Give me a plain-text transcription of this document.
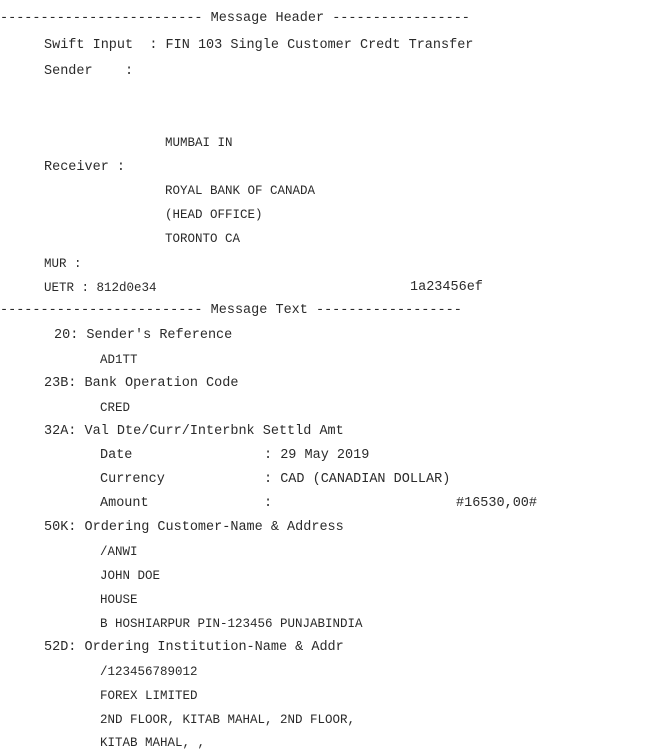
------------------------- Message Header -----------------
Swift Input : FIN 103 Single Customer Credt Transfer
Sender :
MUMBAI IN
Receiver :
ROYAL BANK OF CANADA
(HEAD OFFICE)
TORONTO CA
MUR :
UETR : 812d0e34	1a23456ef
------------------------- Message Text ------------------
20: Sender's Reference
AD1TT
23B: Bank Operation Code
CRED
32A: Val Dte/Curr/Interbnk Settld Amt
Date	: 29 May 2019
Currency	: CAD (CANADIAN DOLLAR)
Amount	:	#16530,00#
50K: Ordering Customer-Name & Address
/ANWI
JOHN DOE
HOUSE
B HOSHIARPUR PIN-123456 PUNJABINDIA
52D: Ordering Institution-Name & Addr
/123456789012
FOREX LIMITED
2ND FLOOR, KITAB MAHAL, 2ND FLOOR,
KITAB MAHAL, ,
